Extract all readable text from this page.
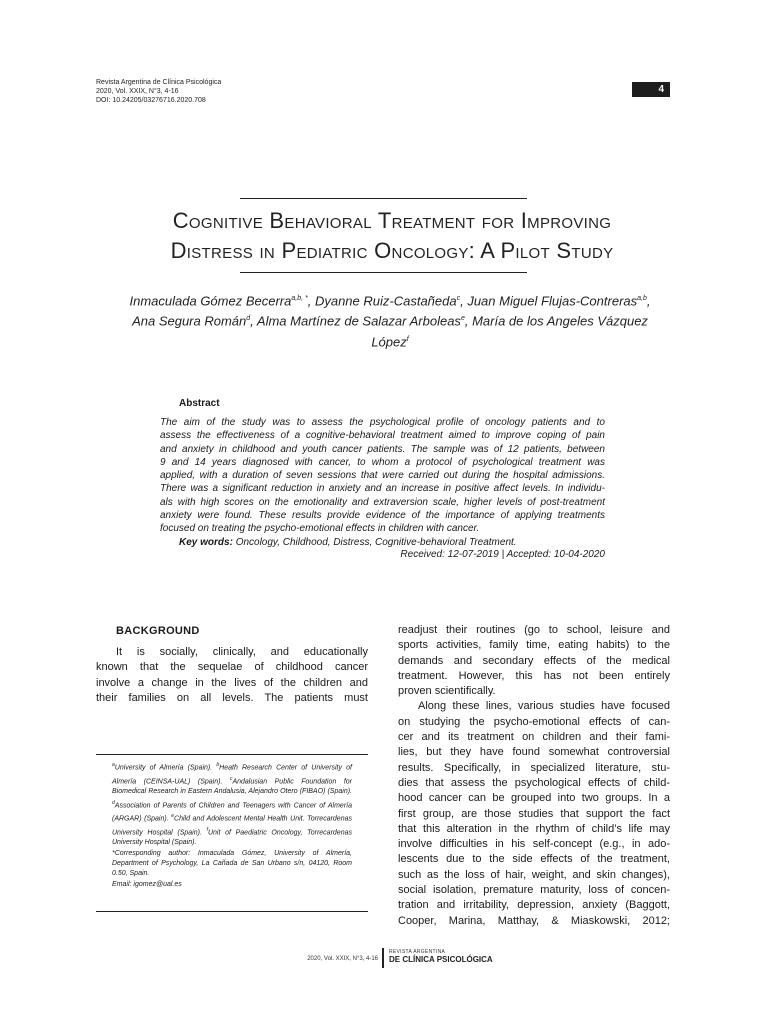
Revista Argentina de Clínica Psicológica
2020, Vol. XXIX, N°3, 4-16
DOI: 10.24205/03276716.2020.708
4
Cognitive Behavioral Treatment for Improving
Distress in Pediatric Oncology: A Pilot Study
Inmaculada Gómez Becerra$^{a,b, *}$, Dyanne Ruiz-Castañeda$^c$, Juan Miguel Flujas-Contreras$^{a,b}$, Ana Segura Román$^d$, Alma Martínez de Salazar Arboleas$^e$, María de los Angeles Vázquez López$^f$
Abstract
The aim of the study was to assess the psychological profile of oncology patients and to
assess the effectiveness of a cognitive-behavioral treatment aimed to improve coping of pain
and anxiety in childhood and youth cancer patients. The sample was of 12 patients, between
9 and 14 years diagnosed with cancer, to whom a protocol of psychological treatment was
applied, with a duration of seven sessions that were carried out during the hospital admissions.
There was a significant reduction in anxiety and an increase in positive affect levels. In individu-
als with high scores on the emotionality and extraversion scale, higher levels of post-treatment
anxiety were found. These results provide evidence of the importance of applying treatments
focused on treating the psycho-emotional effects in children with cancer.
Key words: Oncology, Childhood, Distress, Cognitive-behavioral Treatment.
Received: 12-07-2019 | Accepted: 10-04-2020
BACKGROUND

It is socially, clinically, and educationally

known that the sequelae of childhood cancer

involve a change in the lives of the children and

their families on all levels. The patients must

$^a$University of Almería (Spain). $^b$Heath Research Center of University of Almería (CEINSA-UAL) (Spain). $^c$Andalusian Public Foundation for Biomedical Research in Eastern Andalusia, Alejandro Otero (FIBAO) (Spain). $^d$Association of Parents of Children and Teenagers with Cancer of Almería (ARGAR) (Spain). $^e$Child and Adolescent Mental Health Unit. Torrecardenas University Hospital (Spain). $^f$Unit of Paediatric Oncology, Torrecardenas University Hospital (Spain).

*Corresponding author: Inmaculada Gómez, University of Almería, Department of Psychology, La Cañada de San Urbano s/n, 04120, Room 0.50, Spain.

Email: igomez@ual.es

readjust their routines (go to school, leisure and

sports activities, family time, eating habits) to the

demands and secondary effects of the medical

treatment. However, this has not been entirely

proven scientifically.

Along these lines, various studies have focused

on studying the psycho-emotional effects of can-

cer and its treatment on children and their fami-

lies, but they have found somewhat controversial

results. Specifically, in specialized literature, stu-

dies that assess the psychological effects of child-

hood cancer can be grouped into two groups. In a

first group, are those studies that support the fact

that this alteration in the rhythm of child’s life may

involve difficulties in his self-concept (e.g., in ado-

lescents due to the side effects of the treatment,

such as the loss of hair, weight, and skin changes),

social isolation, premature maturity, loss of concen-

tration and irritability, depression, anxiety (Baggott,

Cooper, Marina, Matthay, & Miaskowski, 2012;

2020, Vol. XXIX, N°3, 4-16
REVISTA ARGENTINA
DE CLÍNICA PSICOLÓGICA
